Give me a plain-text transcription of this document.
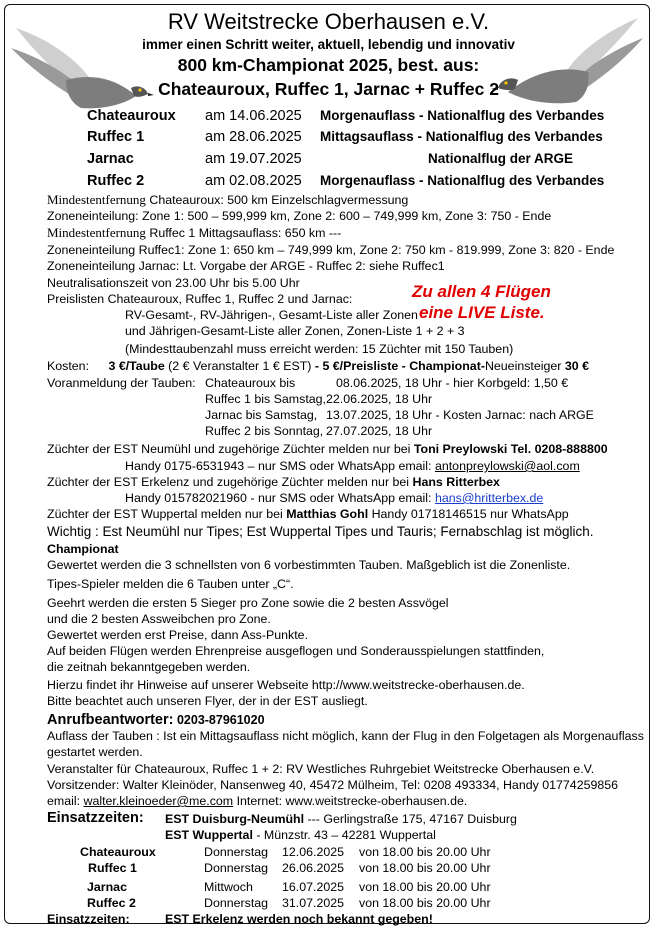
RV Weitstrecke Oberhausen e.V.
immer einen Schritt weiter, aktuell, lebendig und innovativ
800 km-Championat 2025, best. aus:
Chateauroux, Ruffec 1, Jarnac + Ruffec 2
Chateauroux am 14.06.2025 Morgenauflass - Nationalflug des Verbandes
Ruffec 1	am 28.06.2025 Mittagsauflass - Nationalflug des Verbandes
Jarnac	am 19.07.2025	Nationalflug der ARGE
Ruffec 2	am 02.08.2025 Morgenauflass - Nationalflug des Verbandes
Mindestentfernung Chateauroux: 500 km Einzelschlagvermessung
Zoneneinteilung: Zone 1: 500 – 599,999 km, Zone 2: 600 – 749,999 km, Zone 3: 750 - Ende
Mindestentfernung Ruffec 1 Mittagsauflass: 650 km ---
Zoneneinteilung Ruffec1: Zone 1: 650 km – 749,999 km, Zone 2: 750 km - 819.999, Zone 3: 820 - Ende
Zoneneinteilung Jarnac: Lt. Vorgabe der ARGE - Ruffec 2: siehe Ruffec1
Neutralisationszeit von 23.00 Uhr bis 5.00 Uhr
Preislisten Chateauroux, Ruffec 1, Ruffec 2 und Jarnac:
RV-Gesamt-, RV-Jährigen-, Gesamt-Liste aller Zonen
und Jährigen-Gesamt-Liste aller Zonen, Zonen-Liste 1 + 2 + 3
(Mindesttaubenzahl muss erreicht werden: 15 Züchter mit 150 Tauben)
Zu allen 4 Flügen
eine LIVE Liste.
Kosten: 3 €/Taube (2 € Veranstalter 1 € EST) - 5 €/Preisliste - Championat-Neueinsteiger 30 €
Voranmeldung der Tauben: Chateauroux bis	08.06.2025, 18 Uhr - hier Korbgeld: 1,50 €
Ruffec 1 bis Samstag, 22.06.2025, 18 Uhr
Jarnac bis Samstag, 13.07.2025, 18 Uhr - Kosten Jarnac: nach ARGE
Ruffec 2 bis Sonntag, 27.07.2025, 18 Uhr
Züchter der EST Neumühl und zugehörige Züchter melden nur bei Toni Preylowski Tel. 0208-888800
Handy 0175-6531943 – nur SMS oder WhatsApp email: antonpreylowski@aol.com
Züchter der EST Erkelenz und zugehörige Züchter melden nur bei Hans Ritterbex
Handy 015782021960 - nur SMS oder WhatsApp email: hans@hritterbex.de
Züchter der EST Wuppertal melden nur bei Matthias Gohl Handy 01718146515 nur WhatsApp
Wichtig : Est Neumühl nur Tipes; Est Wuppertal Tipes und Tauris; Fernabschlag ist möglich.
Championat
Gewertet werden die 3 schnellsten von 6 vorbestimmten Tauben. Maßgeblich ist die Zonenliste.
Tipes-Spieler melden die 6 Tauben unter „C“.
Geehrt werden die ersten 5 Sieger pro Zone sowie die 2 besten Assvögel
und die 2 besten Assweibchen pro Zone.
Gewertet werden erst Preise, dann Ass-Punkte.
Auf beiden Flügen werden Ehrenpreise ausgeflogen und Sonderausspielungen stattfinden,
die zeitnah bekanntgegeben werden.
Hierzu findet ihr Hinweise auf unserer Webseite http://www.weitstrecke-oberhausen.de.
Bitte beachtet auch unseren Flyer, der in der EST ausliegt.
Anrufbeantworter: 0203-87961020
Auflass der Tauben : Ist ein Mittagsauflass nicht möglich, kann der Flug in den Folgetagen als Morgenauflass
gestartet werden.
Veranstalter für Chateauroux, Ruffec 1 + 2: RV Westliches Ruhrgebiet Weitstrecke Oberhausen e.V.
Vorsitzender: Walter Kleinöder, Nansenweg 40, 45472 Mülheim, Tel: 0208 493334, Handy 01774259856
email: walter.kleinoeder@me.com Internet: www.weitstrecke-oberhausen.de.
Einsatzzeiten: EST Duisburg-Neumühl --- Gerlingstraße 175, 47167 Duisburg
EST Wuppertal - Münzstr. 43 – 42281 Wuppertal
Chateauroux	Donnerstag 12.06.2025 von 18.00 bis 20.00 Uhr
Ruffec 1	Donnerstag 26.06.2025 von 18.00 bis 20.00 Uhr
Jarnac	Mittwoch 16.07.2025 von 18.00 bis 20.00 Uhr
Ruffec 2	Donnerstag 31.07.2025 von 18.00 bis 20.00 Uhr
Einsatzzeiten:	EST Erkelenz werden noch bekannt gegeben!
